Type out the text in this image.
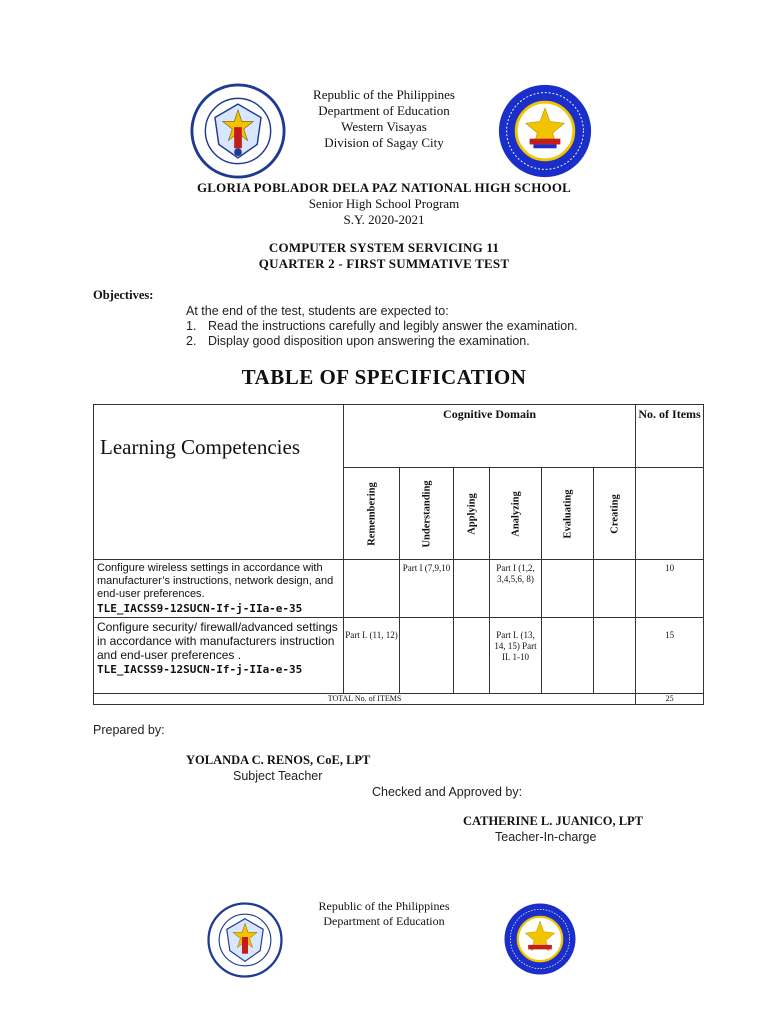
Republic of the Philippines
Department of Education
Western Visayas
Division of Sagay City
GLORIA POBLADOR DELA PAZ NATIONAL HIGH SCHOOL
Senior High School Program
S.Y. 2020-2021
COMPUTER SYSTEM SERVICING 11
QUARTER 2 - FIRST SUMMATIVE TEST
Objectives:
At the end of the test, students are expected to:
1. Read the instructions carefully and legibly answer the examination.
2. Display good disposition upon answering the examination.
TABLE OF SPECIFICATION
Learning Competencies	Cognitive Domain						No. of Items

	Remembering	Understanding	Applying	Analyzing	Evaluating	Creating	

Configure wireless settings in accordance with manufacturer’s instructions, network design, and end-user preferences.
TLE_IACSS9-12SUCN-If-j-IIa-e-35		Part I (7,9,10		Part I (1,2, 3,4,5,6, 8)			10
Configure security/ firewall/advanced settings in accordance with manufacturers instruction and end-user preferences .
TLE_IACSS9-12SUCN-If-j-IIa-e-35	Part I. (11, 12)			Part I. (13, 14, 15) Part II. 1-10			15
TOTAL No. of ITEMS							25
Prepared by:
YOLANDA C. RENOS, CoE, LPT
Subject Teacher
Checked and Approved by:
CATHERINE L. JUANICO, LPT
Teacher-In-charge
Republic of the Philippines
Department of Education
